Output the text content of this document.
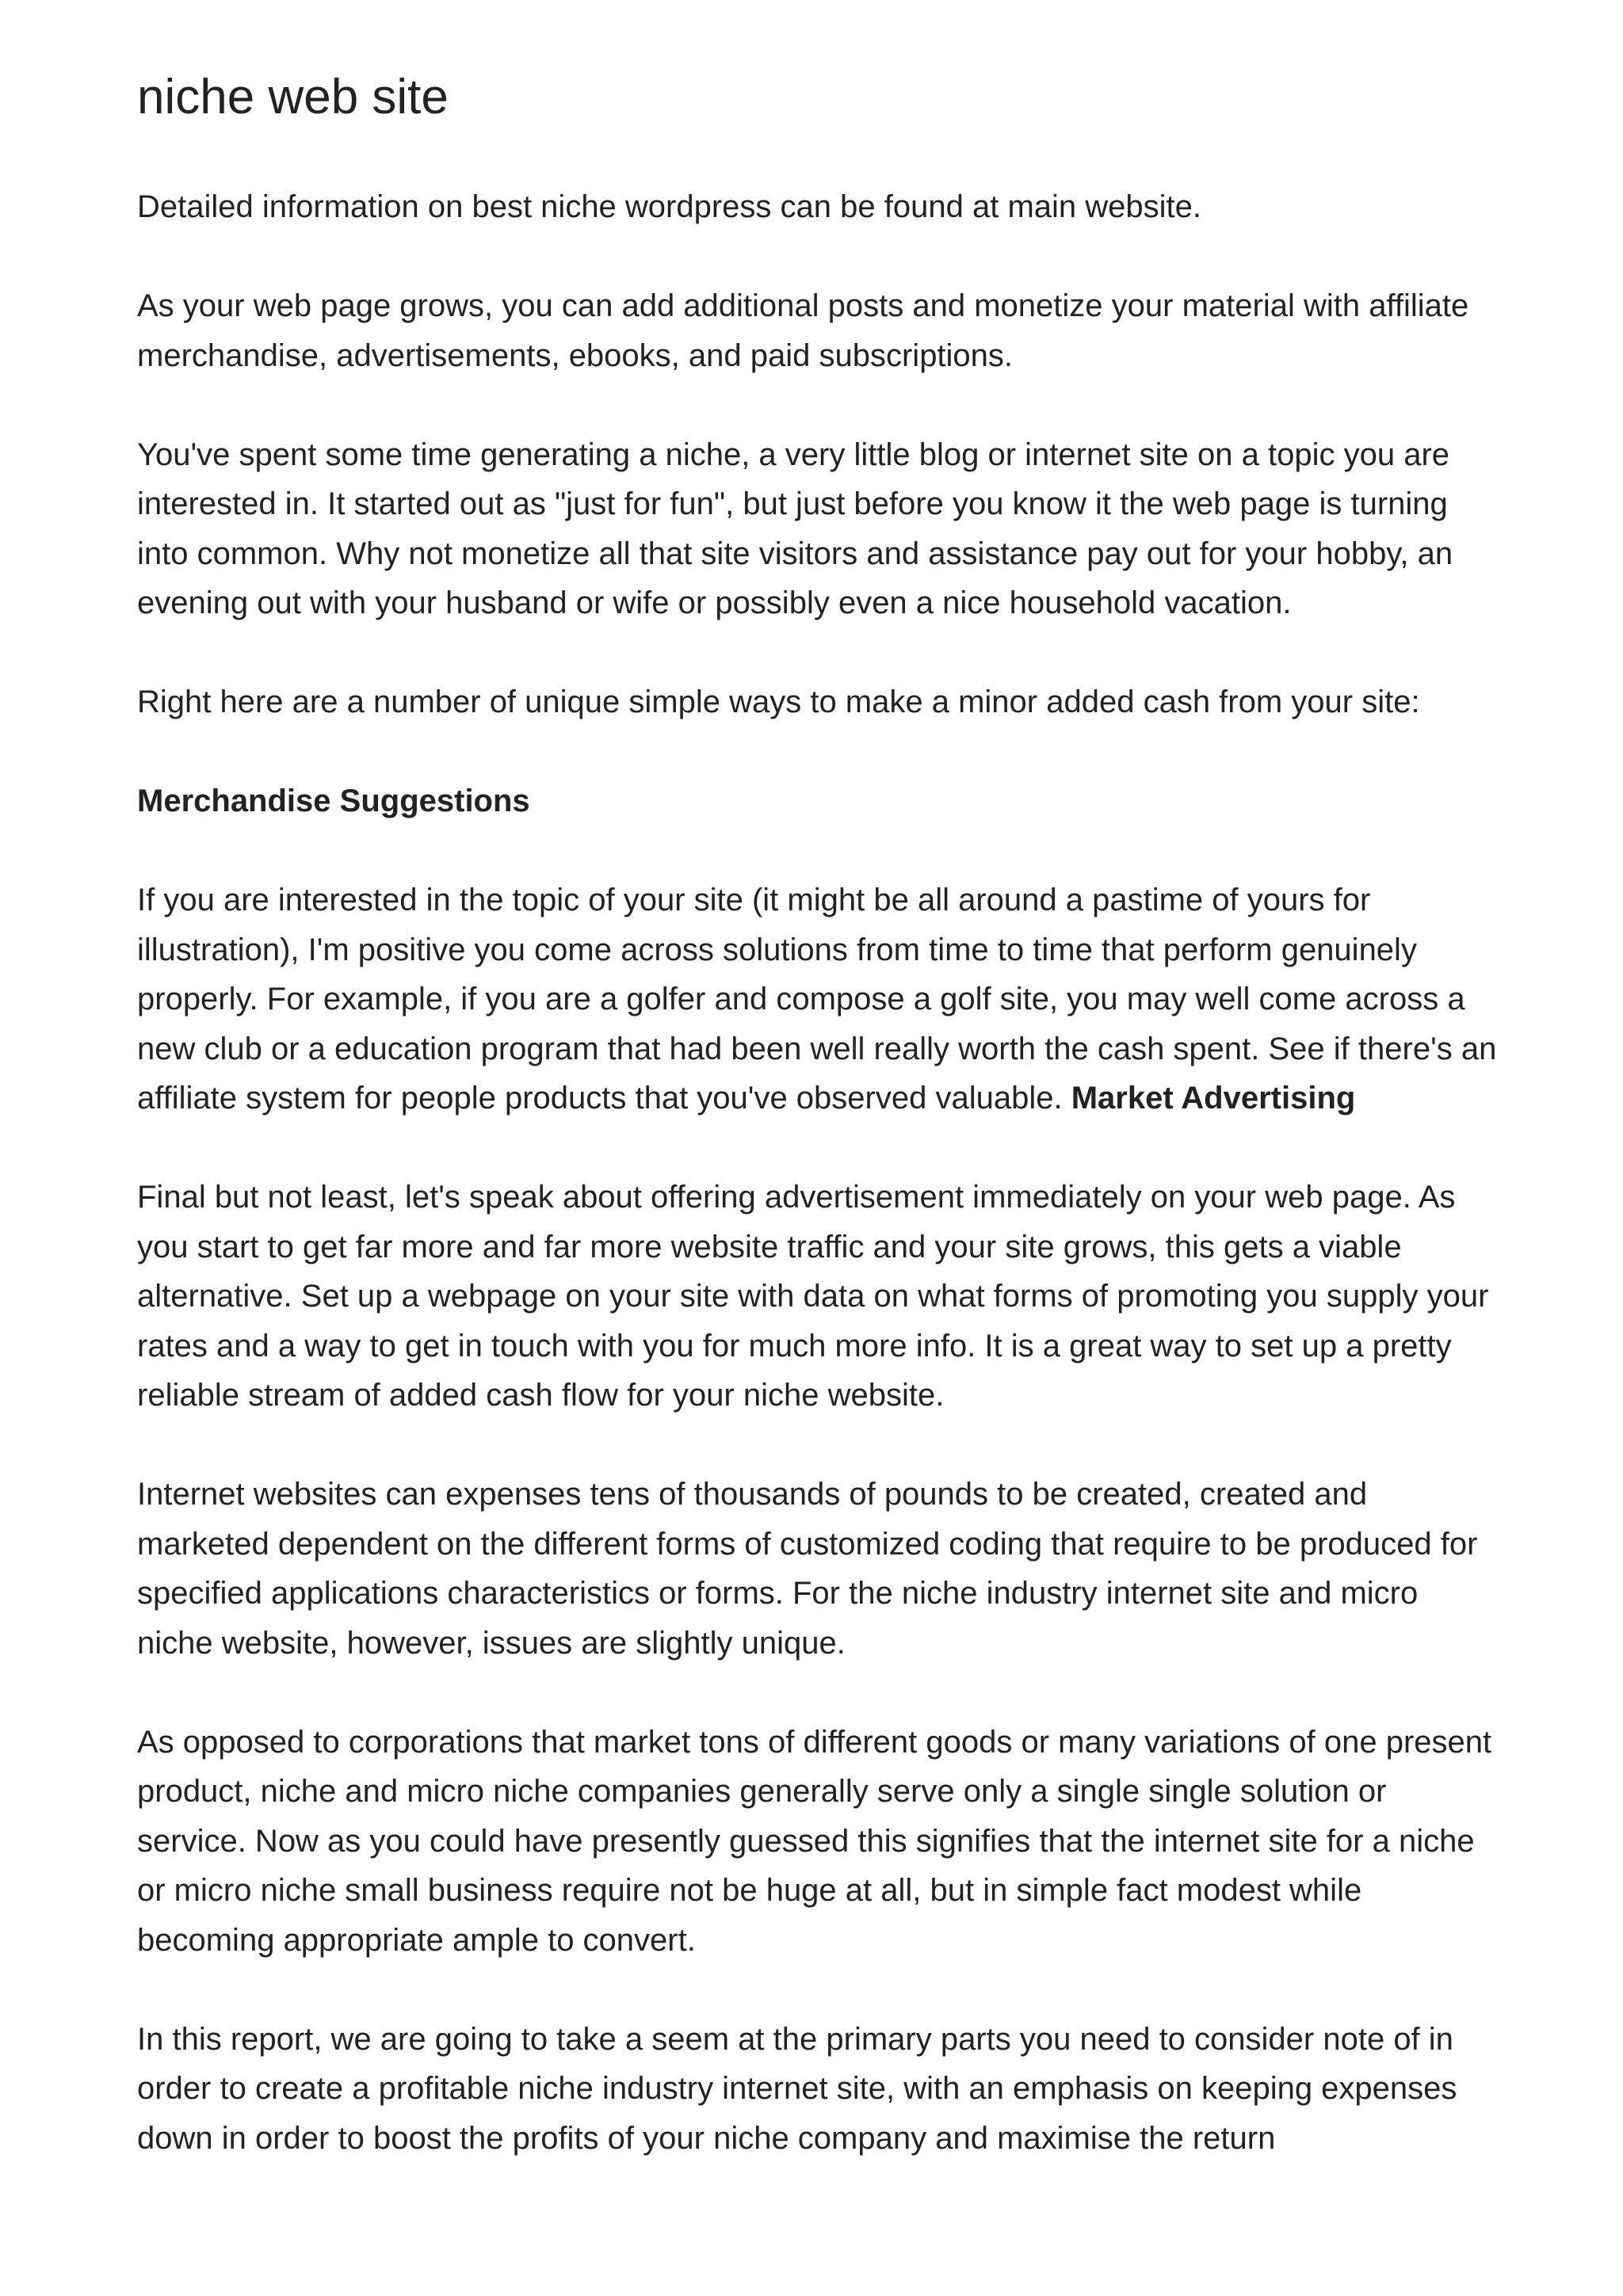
niche web site

Detailed information on best niche wordpress can be found at main website.

As your web page grows, you can add additional posts and monetize your material with affiliate merchandise, advertisements, ebooks, and paid subscriptions.

You've spent some time generating a niche, a very little blog or internet site on a topic you are interested in. It started out as "just for fun", but just before you know it the web page is turning into common. Why not monetize all that site visitors and assistance pay out for your hobby, an evening out with your husband or wife or possibly even a nice household vacation.

Right here are a number of unique simple ways to make a minor added cash from your site:

Merchandise Suggestions

If you are interested in the topic of your site (it might be all around a pastime of yours for illustration), I'm positive you come across solutions from time to time that perform genuinely properly. For example, if you are a golfer and compose a golf site, you may well come across a new club or a education program that had been well really worth the cash spent. See if there's an affiliate system for people products that you've observed valuable. Market Advertising

Final but not least, let's speak about offering advertisement immediately on your web page. As you start to get far more and far more website traffic and your site grows, this gets a viable alternative. Set up a webpage on your site with data on what forms of promoting you supply your rates and a way to get in touch with you for much more info. It is a great way to set up a pretty reliable stream of added cash flow for your niche website.

Internet websites can expenses tens of thousands of pounds to be created, created and marketed dependent on the different forms of customized coding that require to be produced for specified applications characteristics or forms. For the niche industry internet site and micro niche website, however, issues are slightly unique.

As opposed to corporations that market tons of different goods or many variations of one present product, niche and micro niche companies generally serve only a single single solution or service. Now as you could have presently guessed this signifies that the internet site for a niche or micro niche small business require not be huge at all, but in simple fact modest while becoming appropriate ample to convert.

In this report, we are going to take a seem at the primary parts you need to consider note of in order to create a profitable niche industry internet site, with an emphasis on keeping expenses down in order to boost the profits of your niche company and maximise the return
